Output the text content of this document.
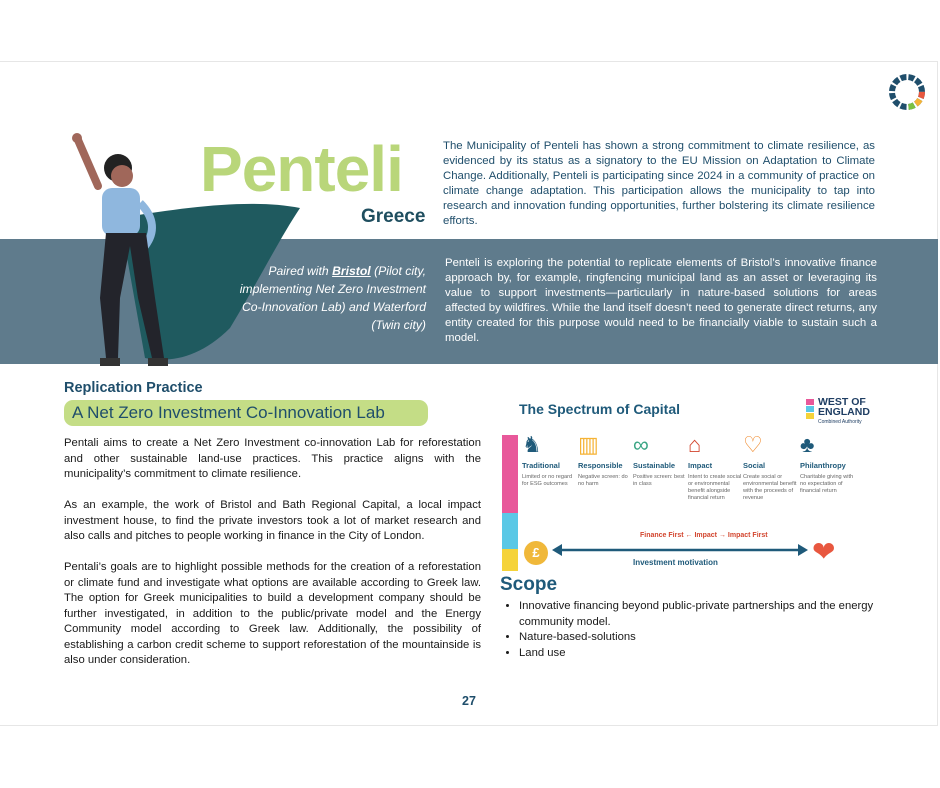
Penteli
Greece
The Municipality of Penteli has shown a strong commitment to climate resilience, as evidenced by its status as a signatory to the EU Mission on Adaptation to Climate Change. Additionally, Penteli is participating since 2024 in a community of practice on climate change adaptation. This participation allows the municipality to tap into research and innovation funding opportunities, further bolstering its climate resilience efforts.
Paired with Bristol (Pilot city, implementing Net Zero Investment Co-Innovation Lab) and Waterford (Twin city)
Penteli is exploring the potential to replicate elements of Bristol’s innovative finance approach by, for example, ringfencing municipal land as an asset or leveraging its value to support investments—particularly in nature-based solutions for areas affected by wildfires. While the land itself doesn’t need to generate direct returns, any entity created for this purpose would need to be financially viable to sustain such a model.
Replication Practice
A Net Zero Investment Co-Innovation Lab

Pentali aims to create a Net Zero Investment co-innovation Lab for reforestation and other sustainable land-use practices. This practice aligns with the municipality’s commitment to climate resilience.

As an example, the work of Bristol and Bath Regional Capital, a local impact investment house, to find the private investors took a lot of market research and also calls and pitches to people working in finance in the City of London.

Pentali’s goals are to highlight possible methods for the creation of a reforestation or climate fund and investigate what options are available according to Greek law. The option for Greek municipalities to build a development company should be further investigated, in addition to the public/private model and the Energy Community model according to Greek law. Additionally, the possibility of establishing a carbon credit scheme to support reforestation of the mountainside is also under consideration.

The Spectrum of Capital	WEST OF
ENGLAND
Combined Authority
♞
Traditional
Limited or no regard for ESG outcomes
▥
Responsible
Negative screen: do no harm
∞
Sustainable
Positive screen: best in class
⌂
Impact
Intent to create social or environmental benefit alongside financial return
♡
Social
Create social or environmental benefit with the proceeds of revenue
♣
Philanthropy
Charitable giving with no expectation of financial return
Finance First ← Impact → Impact First
£
Investment motivation	❤
Scope
• Innovative financing beyond public-private partnerships and the energy community model.
• Nature-based-solutions
• Land use
27
